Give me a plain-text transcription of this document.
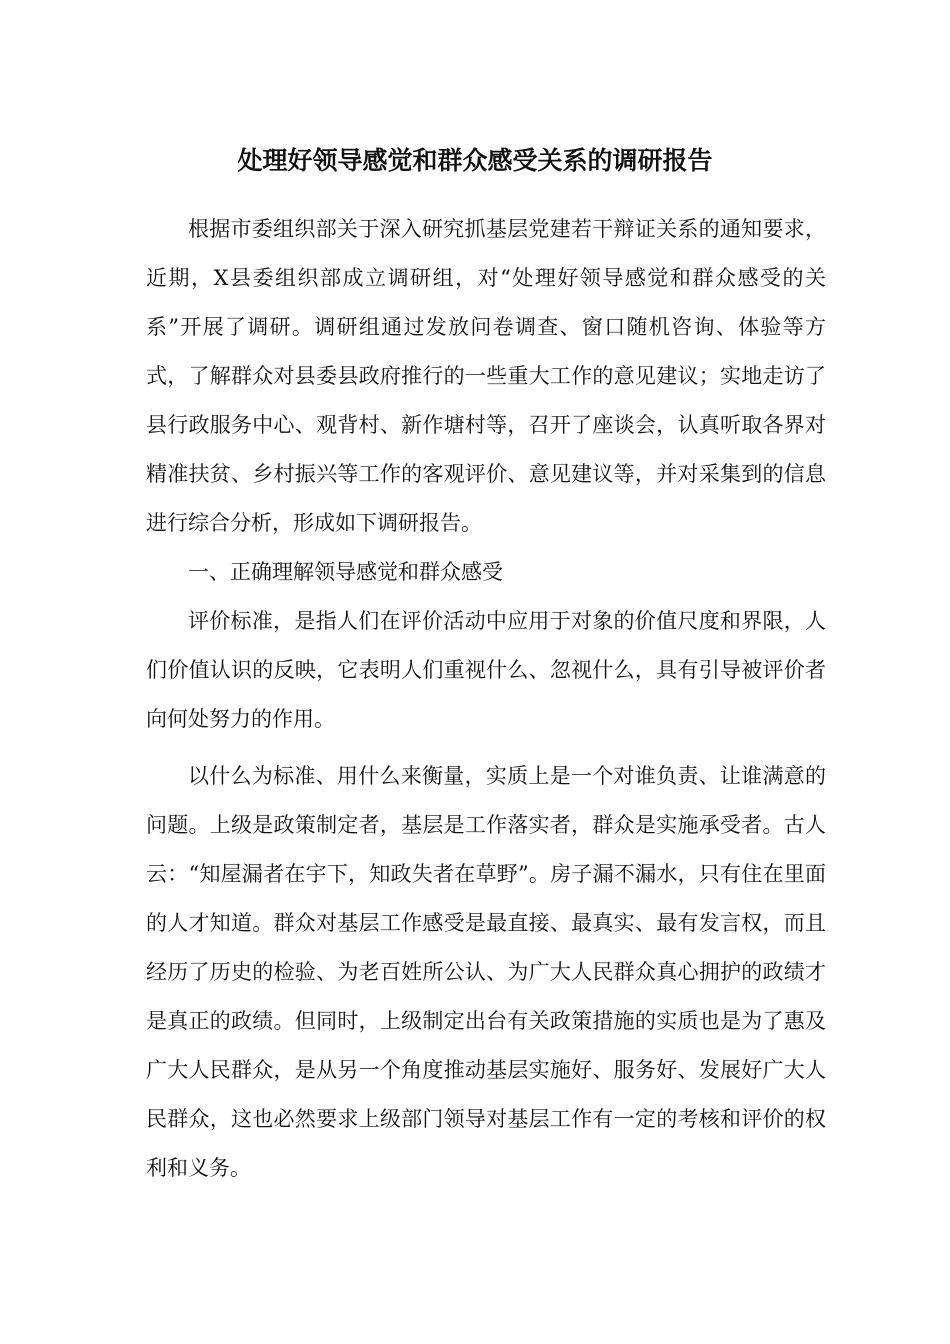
处理好领导感觉和群众感受关系的调研报告

根据市委组织部关于深入研究抓基层党建若干辩证关系的通知要求，近期，X县委组织部成立调研组，对“处理好领导感觉和群众感受的关系”开展了调研。调研组通过发放问卷调查、窗口随机咨询、体验等方式，了解群众对县委县政府推行的一些重大工作的意见建议；实地走访了县行政服务中心、观背村、新作塘村等，召开了座谈会，认真听取各界对精准扶贫、乡村振兴等工作的客观评价、意见建议等，并对采集到的信息进行综合分析，形成如下调研报告。

一、正确理解领导感觉和群众感受

评价标准，是指人们在评价活动中应用于对象的价值尺度和界限，人们价值认识的反映，它表明人们重视什么、忽视什么，具有引导被评价者向何处努力的作用。

以什么为标准、用什么来衡量，实质上是一个对谁负责、让谁满意的问题。上级是政策制定者，基层是工作落实者，群众是实施承受者。古人云：“知屋漏者在宇下，知政失者在草野”。房子漏不漏水，只有住在里面的人才知道。群众对基层工作感受是最直接、最真实、最有发言权，而且经历了历史的检验、为老百姓所公认、为广大人民群众真心拥护的政绩才是真正的政绩。但同时，上级制定出台有关政策措施的实质也是为了惠及广大人民群众，是从另一个角度推动基层实施好、服务好、发展好广大人民群众，这也必然要求上级部门领导对基层工作有一定的考核和评价的权利和义务。
